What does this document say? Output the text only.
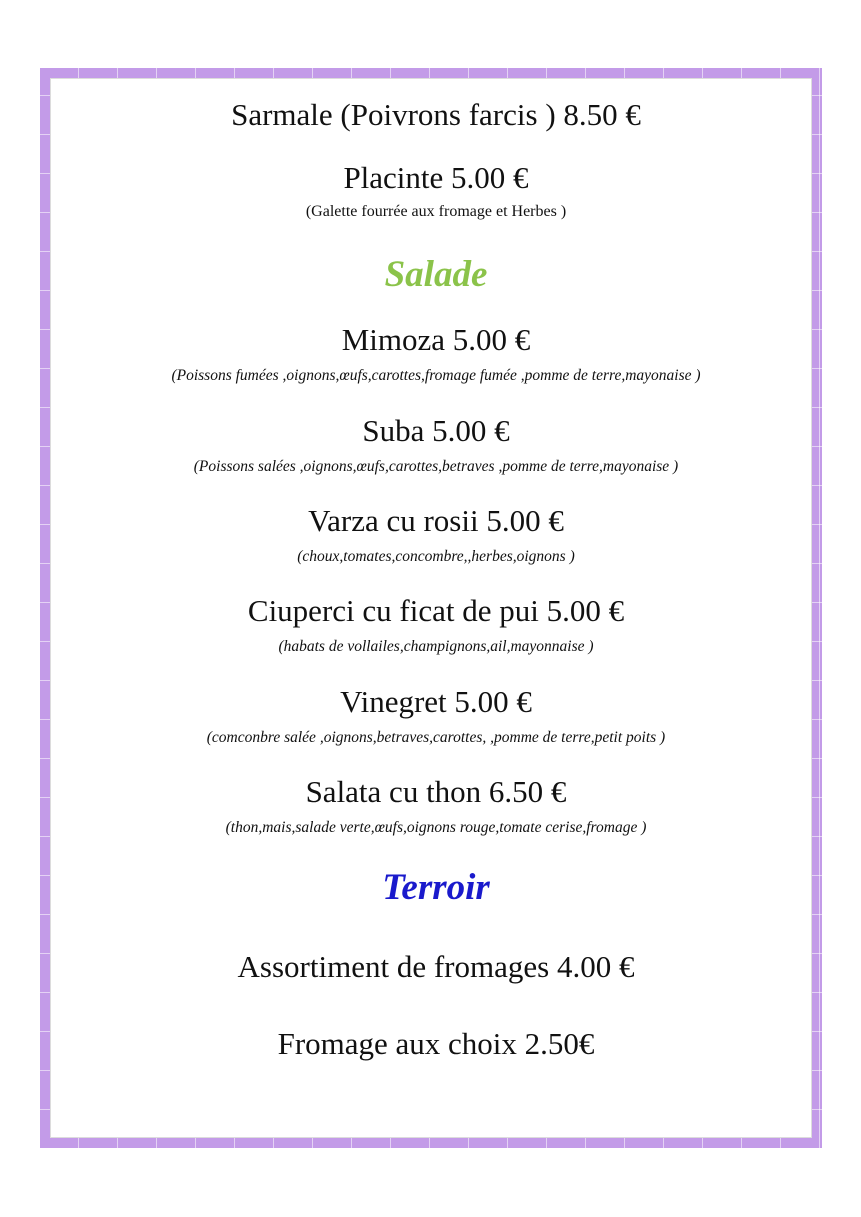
Sarmale (Poivrons farcis ) 8.50 €
Placinte 5.00 €
(Galette fourrée aux fromage et Herbes )
Salade
Mimoza 5.00 €
(Poissons fumées ,oignons,œufs,carottes,fromage fumée ,pomme de terre,mayonaise )
Suba 5.00 €
(Poissons salées ,oignons,œufs,carottes,betraves ,pomme de terre,mayonaise )
Varza cu rosii 5.00 €
(choux,tomates,concombre,,herbes,oignons )
Ciuperci cu ficat de pui 5.00 €
(habats de vollailes,champignons,ail,mayonnaise )
Vinegret 5.00 €
(comconbre salée ,oignons,betraves,carottes, ,pomme de terre,petit poits )
Salata cu thon 6.50 €
(thon,mais,salade verte,œufs,oignons rouge,tomate cerise,fromage )
Terroir
Assortiment de fromages 4.00 €
Fromage aux choix 2.50€
